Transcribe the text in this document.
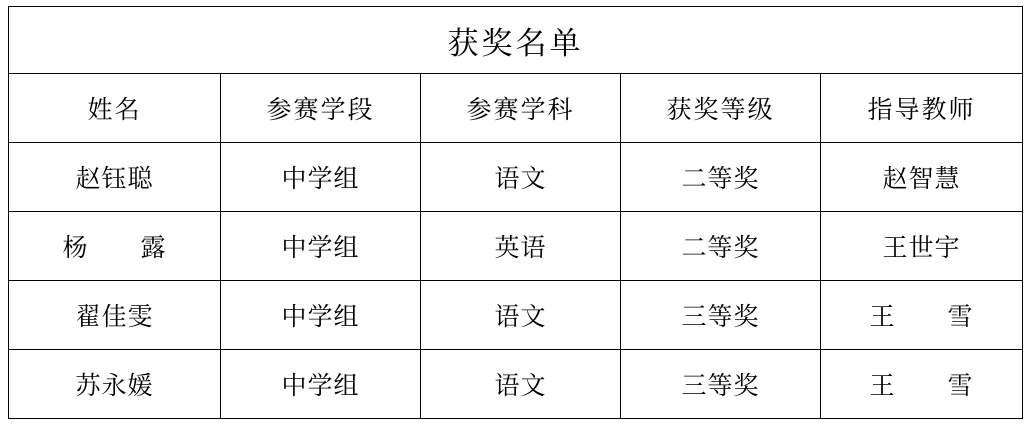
获奖名单				
姓名	参赛学段	参赛学科	获奖等级	指导教师
赵钰聪	中学组	语文	二等奖	赵智慧
杨　　露	中学组	英语	二等奖	王世宇
翟佳雯	中学组	语文	三等奖	王　　雪
苏永媛	中学组	语文	三等奖	王　　雪
